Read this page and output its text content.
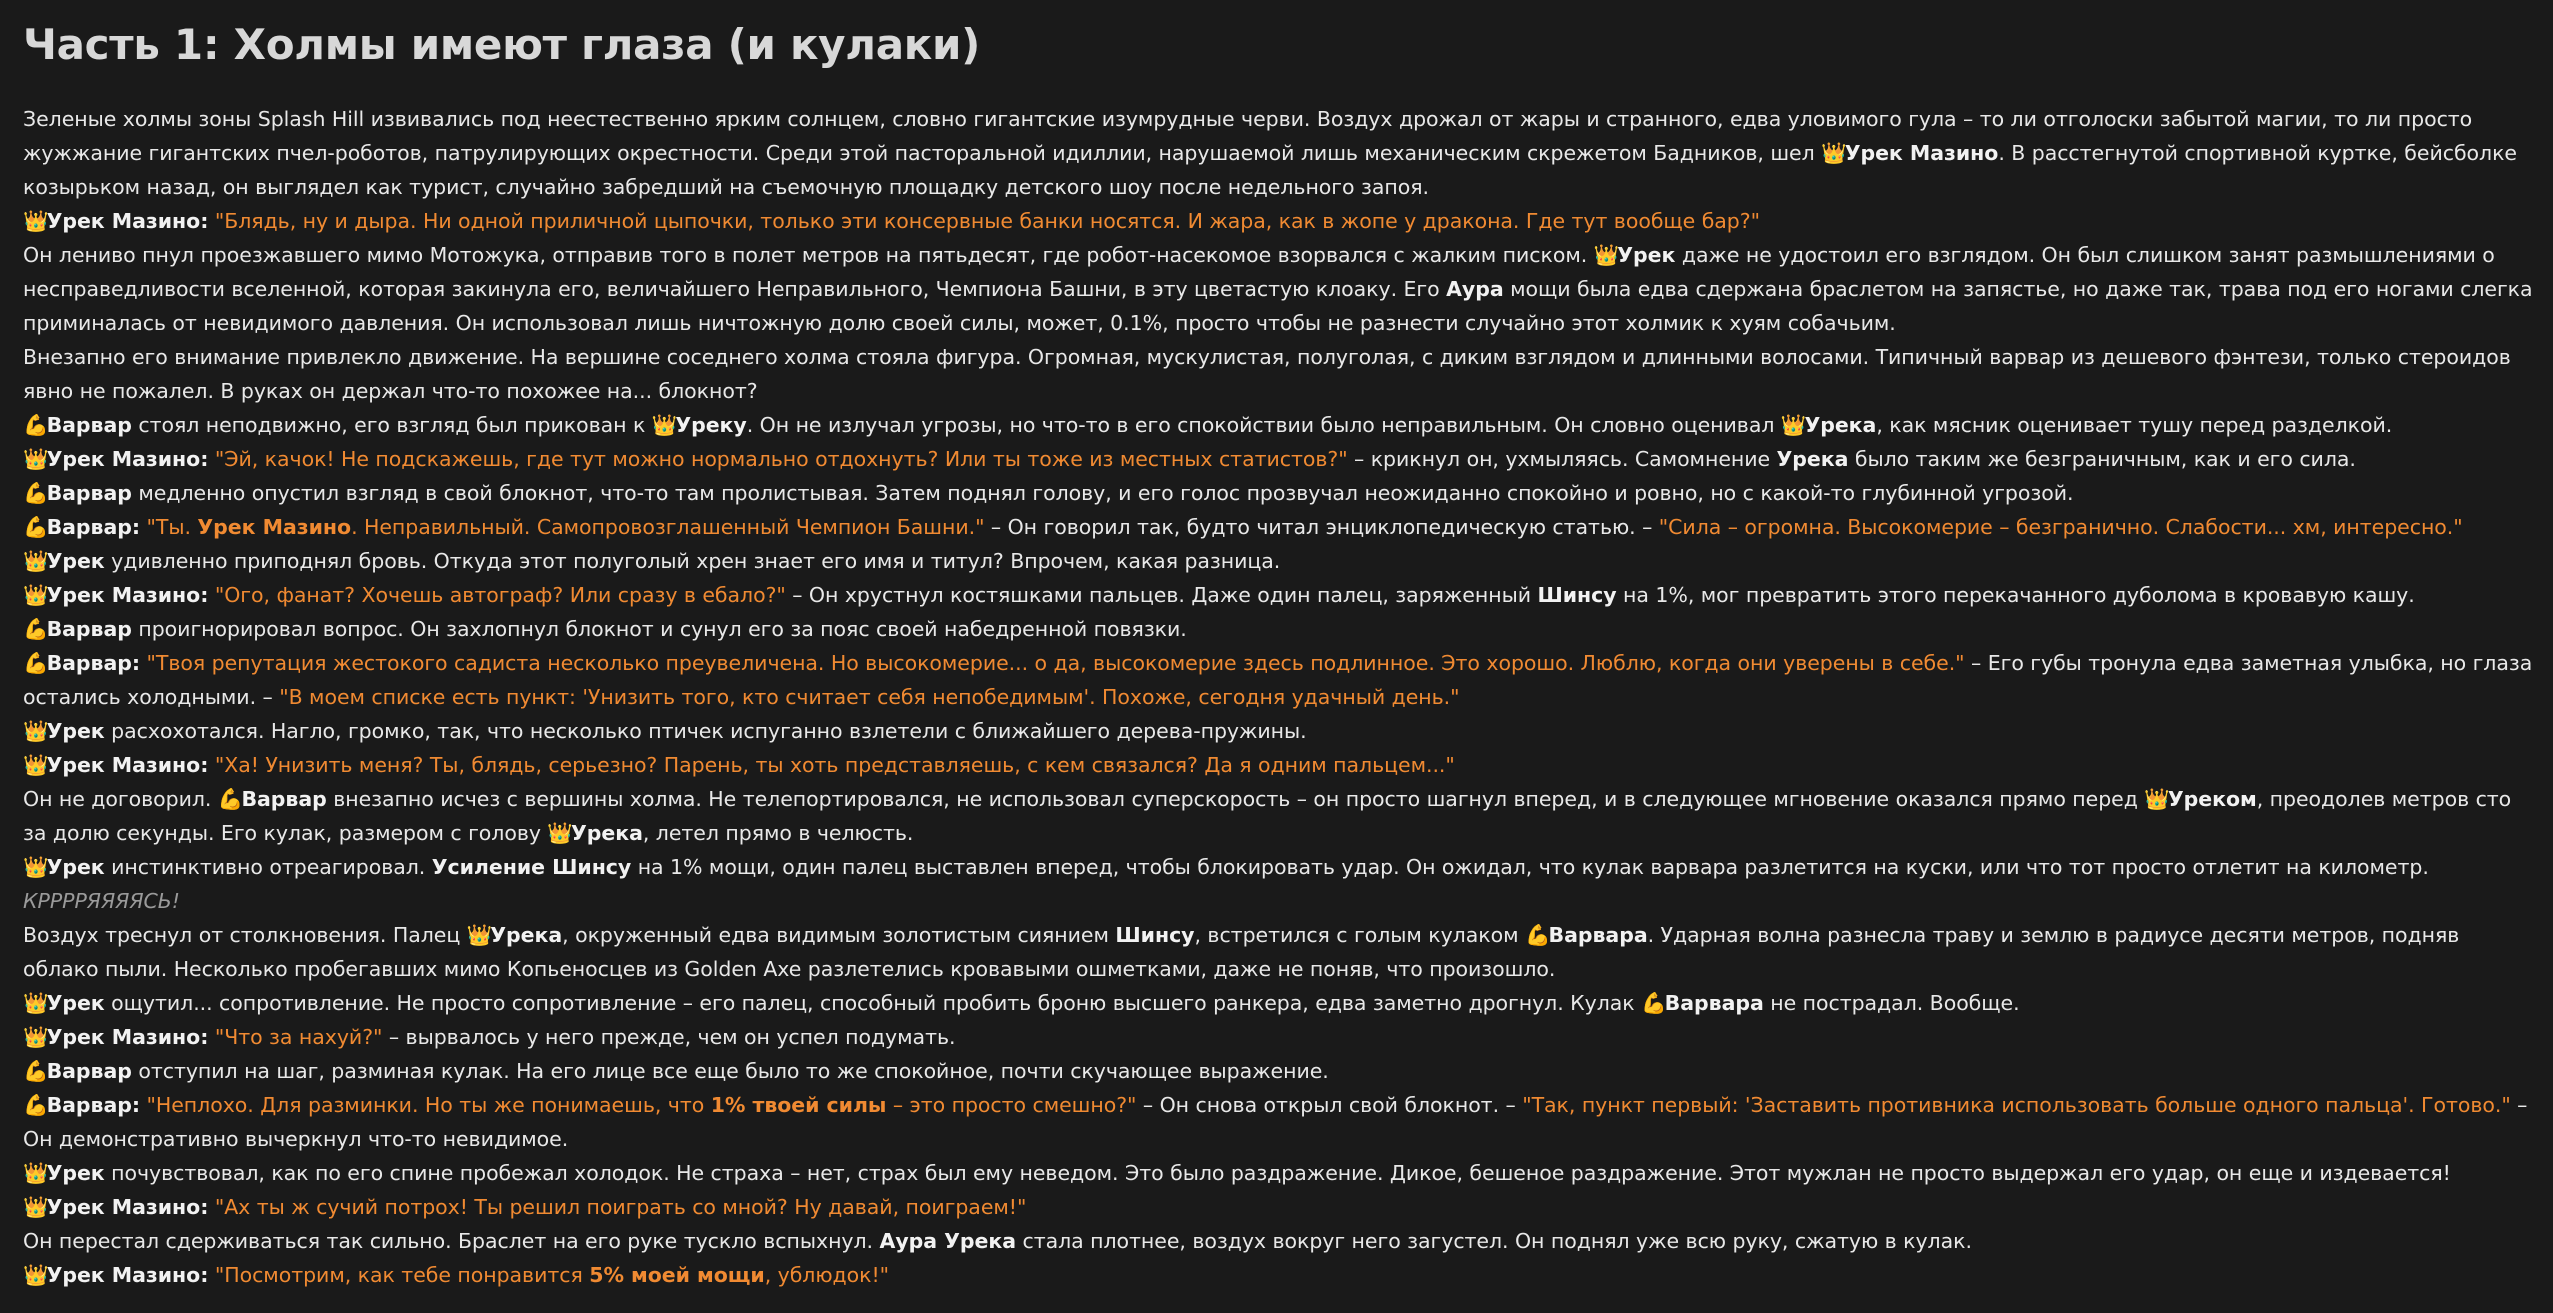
Часть 1: Холмы имеют глаза (и кулаки)

Зеленые холмы зоны Splash Hill извивались под неестественно ярким солнцем, словно гигантские изумрудные черви. Воздух дрожал от жары и странного, едва уловимого гула – то ли отголоски забытой магии, то ли просто жужжание гигантских пчел-роботов, патрулирующих окрестности. Среди этой пасторальной идиллии, нарушаемой лишь механическим скрежетом Бадников, шел 👑Урек Мазино. В расстегнутой спортивной куртке, бейсболке козырьком назад, он выглядел как турист, случайно забредший на съемочную площадку детского шоу после недельного запоя.

👑Урек Мазино: "Блядь, ну и дыра. Ни одной приличной цыпочки, только эти консервные банки носятся. И жара, как в жопе у дракона. Где тут вообще бар?"

Он лениво пнул проезжавшего мимо Мотожука, отправив того в полет метров на пятьдесят, где робот-насекомое взорвался с жалким писком. 👑Урек даже не удостоил его взглядом. Он был слишком занят размышлениями о несправедливости вселенной, которая закинула его, величайшего Неправильного, Чемпиона Башни, в эту цветастую клоаку. Его Аура мощи была едва сдержана браслетом на запястье, но даже так, трава под его ногами слегка приминалась от невидимого давления. Он использовал лишь ничтожную долю своей силы, может, 0.1%, просто чтобы не разнести случайно этот холмик к хуям собачьим.

Внезапно его внимание привлекло движение. На вершине соседнего холма стояла фигура. Огромная, мускулистая, полуголая, с диким взглядом и длинными волосами. Типичный варвар из дешевого фэнтези, только стероидов явно не пожалел. В руках он держал что-то похожее на... блокнот?

💪Варвар стоял неподвижно, его взгляд был прикован к 👑Уреку. Он не излучал угрозы, но что-то в его спокойствии было неправильным. Он словно оценивал 👑Урека, как мясник оценивает тушу перед разделкой.

👑Урек Мазино: "Эй, качок! Не подскажешь, где тут можно нормально отдохнуть? Или ты тоже из местных статистов?" – крикнул он, ухмыляясь. Самомнение Урека было таким же безграничным, как и его сила.

💪Варвар медленно опустил взгляд в свой блокнот, что-то там пролистывая. Затем поднял голову, и его голос прозвучал неожиданно спокойно и ровно, но с какой-то глубинной угрозой.

💪Варвар: "Ты. Урек Мазино. Неправильный. Самопровозглашенный Чемпион Башни." – Он говорил так, будто читал энциклопедическую статью. – "Сила – огромна. Высокомерие – безгранично. Слабости... хм, интересно."

👑Урек удивленно приподнял бровь. Откуда этот полуголый хрен знает его имя и титул? Впрочем, какая разница.

👑Урек Мазино: "Ого, фанат? Хочешь автограф? Или сразу в ебало?" – Он хрустнул костяшками пальцев. Даже один палец, заряженный Шинсу на 1%, мог превратить этого перекачанного дуболома в кровавую кашу.

💪Варвар проигнорировал вопрос. Он захлопнул блокнот и сунул его за пояс своей набедренной повязки.

💪Варвар: "Твоя репутация жестокого садиста несколько преувеличена. Но высокомерие... о да, высокомерие здесь подлинное. Это хорошо. Люблю, когда они уверены в себе." – Его губы тронула едва заметная улыбка, но глаза остались холодными. – "В моем списке есть пункт: 'Унизить того, кто считает себя непобедимым'. Похоже, сегодня удачный день."

👑Урек расхохотался. Нагло, громко, так, что несколько птичек испуганно взлетели с ближайшего дерева-пружины.

👑Урек Мазино: "Ха! Унизить меня? Ты, блядь, серьезно? Парень, ты хоть представляешь, с кем связался? Да я одним пальцем..."

Он не договорил. 💪Варвар внезапно исчез с вершины холма. Не телепортировался, не использовал суперскорость – он просто шагнул вперед, и в следующее мгновение оказался прямо перед 👑Уреком, преодолев метров сто за долю секунды. Его кулак, размером с голову 👑Урека, летел прямо в челюсть.

👑Урек инстинктивно отреагировал. Усиление Шинсу на 1% мощи, один палец выставлен вперед, чтобы блокировать удар. Он ожидал, что кулак варвара разлетится на куски, или что тот просто отлетит на километр.

КРРРРЯЯЯЯСЬ!

Воздух треснул от столкновения. Палец 👑Урека, окруженный едва видимым золотистым сиянием Шинсу, встретился с голым кулаком 💪Варвара. Ударная волна разнесла траву и землю в радиусе десяти метров, подняв облако пыли. Несколько пробегавших мимо Копьеносцев из Golden Axe разлетелись кровавыми ошметками, даже не поняв, что произошло.

👑Урек ощутил... сопротивление. Не просто сопротивление – его палец, способный пробить броню высшего ранкера, едва заметно дрогнул. Кулак 💪Варвара не пострадал. Вообще.

👑Урек Мазино: "Что за нахуй?" – вырвалось у него прежде, чем он успел подумать.

💪Варвар отступил на шаг, разминая кулак. На его лице все еще было то же спокойное, почти скучающее выражение.

💪Варвар: "Неплохо. Для разминки. Но ты же понимаешь, что 1% твоей силы – это просто смешно?" – Он снова открыл свой блокнот. – "Так, пункт первый: 'Заставить противника использовать больше одного пальца'. Готово." – Он демонстративно вычеркнул что-то невидимое.

👑Урек почувствовал, как по его спине пробежал холодок. Не страха – нет, страх был ему неведом. Это было раздражение. Дикое, бешеное раздражение. Этот мужлан не просто выдержал его удар, он еще и издевается!

👑Урек Мазино: "Ах ты ж сучий потрох! Ты решил поиграть со мной? Ну давай, поиграем!"

Он перестал сдерживаться так сильно. Браслет на его руке тускло вспыхнул. Аура Урека стала плотнее, воздух вокруг него загустел. Он поднял уже всю руку, сжатую в кулак.

👑Урек Мазино: "Посмотрим, как тебе понравится 5% моей мощи, ублюдок!"
